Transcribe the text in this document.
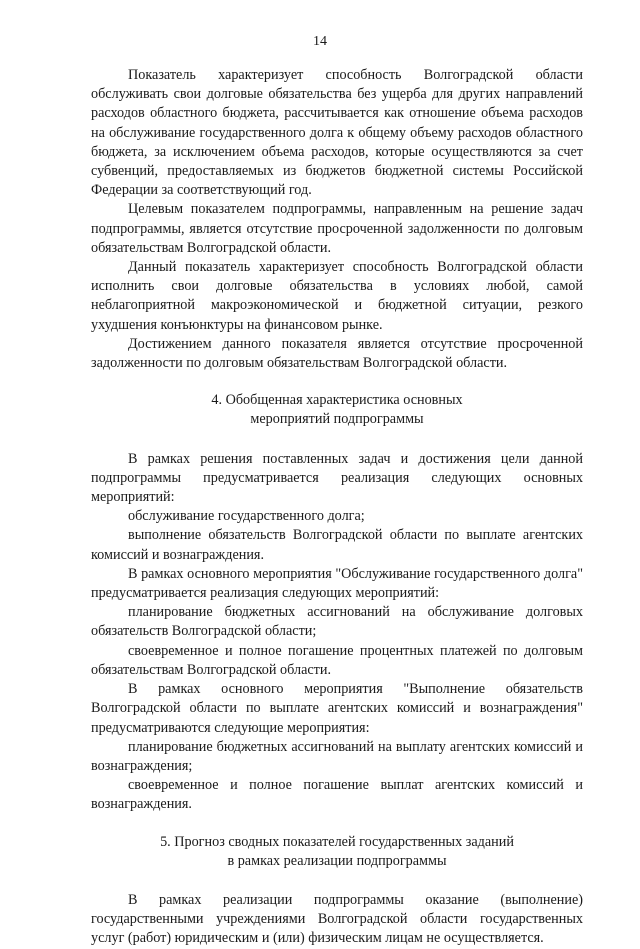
14

Показатель характеризует способность Волгоградской области обслуживать свои долговые обязательства без ущерба для других направлений расходов областного бюджета, рассчитывается как отношение объема расходов на обслуживание государственного долга к общему объему расходов областного бюджета, за исключением объема расходов, которые осуществляются за счет субвенций, предоставляемых из бюджетов бюджетной системы Российской Федерации за соответствующий год.

Целевым показателем подпрограммы, направленным на решение задач подпрограммы, является отсутствие просроченной задолженности по долговым обязательствам Волгоградской области.

Данный показатель характеризует способность Волгоградской области исполнить свои долговые обязательства в условиях любой, самой неблагоприятной макроэкономической и бюджетной ситуации, резкого ухудшения конъюнктуры на финансовом рынке.

Достижением данного показателя является отсутствие просроченной задолженности по долговым обязательствам Волгоградской области.

4. Обобщенная характеристика основных
мероприятий подпрограммы

В рамках решения поставленных задач и достижения цели данной подпрограммы предусматривается реализация следующих основных мероприятий:

обслуживание государственного долга;

выполнение обязательств Волгоградской области по выплате агентских комиссий и вознаграждения.

В рамках основного мероприятия "Обслуживание государственного долга" предусматривается реализация следующих мероприятий:

планирование бюджетных ассигнований на обслуживание долговых обязательств Волгоградской области;

своевременное и полное погашение процентных платежей по долговым обязательствам Волгоградской области.

В рамках основного мероприятия "Выполнение обязательств Волгоградской области по выплате агентских комиссий и вознаграждения" предусматриваются следующие мероприятия:

планирование бюджетных ассигнований на выплату агентских комиссий и вознаграждения;

своевременное и полное погашение выплат агентских комиссий и вознаграждения.

5. Прогноз сводных показателей государственных заданий
в рамках реализации подпрограммы

В рамках реализации подпрограммы оказание (выполнение) государственными учреждениями Волгоградской области государственных услуг (работ) юридическим и (или) физическим лицам не осуществляется.
